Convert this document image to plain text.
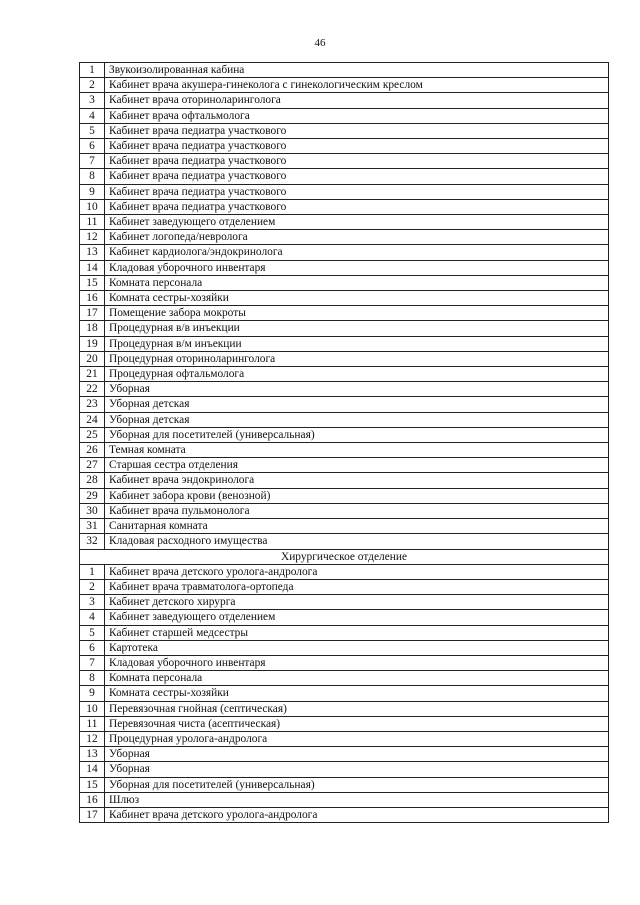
46
1	Звукоизолированная кабина
2	Кабинет врача акушера-гинеколога с гинекологическим креслом
3	Кабинет врача оториноларинголога
4	Кабинет врача офтальмолога
5	Кабинет врача педиатра участкового
6	Кабинет врача педиатра участкового
7	Кабинет врача педиатра участкового
8	Кабинет врача педиатра участкового
9	Кабинет врача педиатра участкового
10	Кабинет врача педиатра участкового
11	Кабинет заведующего отделением
12	Кабинет логопеда/невролога
13	Кабинет кардиолога/эндокринолога
14	Кладовая уборочного инвентаря
15	Комната персонала
16	Комната сестры-хозяйки
17	Помещение забора мокроты
18	Процедурная в/в инъекции
19	Процедурная в/м инъекции
20	Процедурная оториноларинголога
21	Процедурная офтальмолога
22	Уборная
23	Уборная детская
24	Уборная детская
25	Уборная для посетителей (универсальная)
26	Темная комната
27	Старшая сестра отделения
28	Кабинет врача эндокринолога
29	Кабинет забора крови (венозной)
30	Кабинет врача пульмонолога
31	Санитарная комната
32	Кладовая расходного имущества
Хирургическое отделение	
1	Кабинет врача детского уролога-андролога
2	Кабинет врача травматолога-ортопеда
3	Кабинет детского хирурга
4	Кабинет заведующего отделением
5	Кабинет старшей медсестры
6	Картотека
7	Кладовая уборочного инвентаря
8	Комната персонала
9	Комната сестры-хозяйки
10	Перевязочная гнойная (септическая)
11	Перевязочная чиста (асептическая)
12	Процедурная уролога-андролога
13	Уборная
14	Уборная
15	Уборная для посетителей (универсальная)
16	Шлюз
17	Кабинет врача детского уролога-андролога
